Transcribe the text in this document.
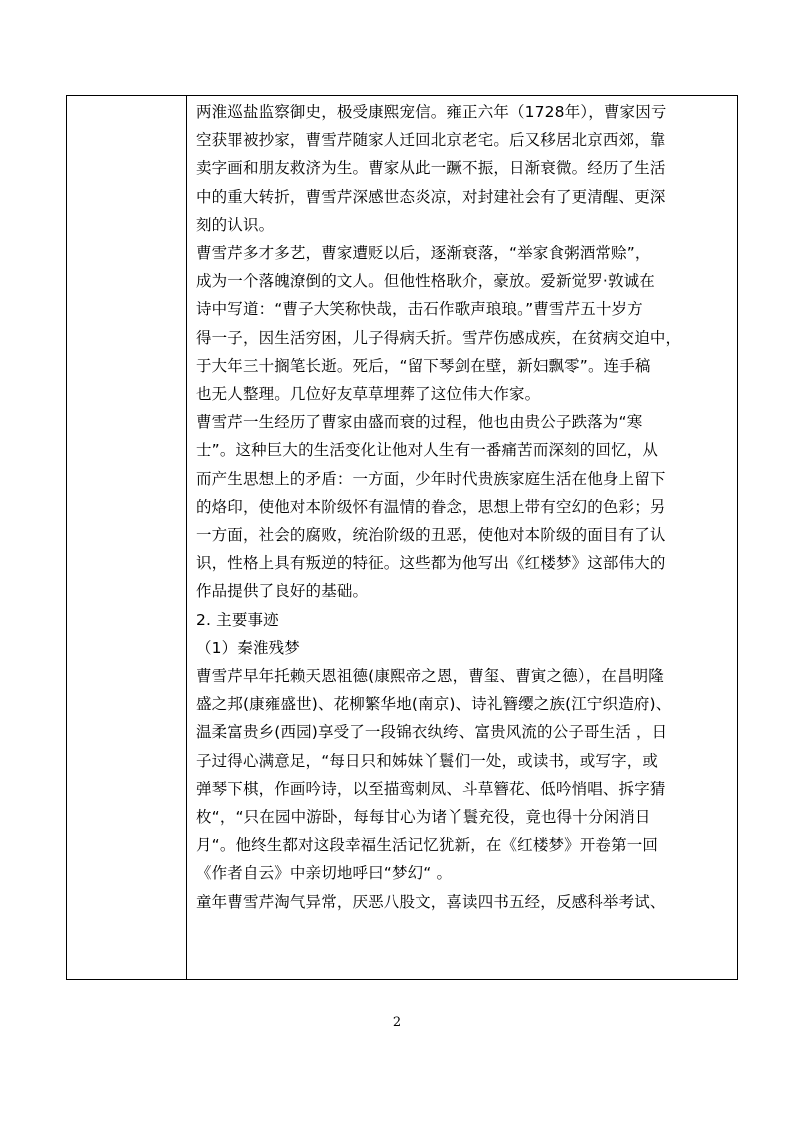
两淮巡盐监察御史，极受康熙宠信。雍正六年（1728年），曹家因亏

空获罪被抄家，曹雪芹随家人迁回北京老宅。后又移居北京西郊，靠

卖字画和朋友救济为生。曹家从此一蹶不振，日渐衰微。经历了生活

中的重大转折，曹雪芹深感世态炎凉，对封建社会有了更清醒、更深

刻的认识。

曹雪芹多才多艺，曹家遭贬以后，逐渐衰落，“举家食粥酒常赊”，

成为一个落魄潦倒的文人。但他性格耿介，豪放。爱新觉罗·敦诚在

诗中写道：“曹子大笑称快哉，击石作歌声琅琅。”曹雪芹五十岁方

得一子，因生活穷困，儿子得病夭折。雪芹伤感成疾，在贫病交迫中，

于大年三十搁笔长逝。死后，“留下琴剑在壁，新妇飘零”。连手稿

也无人整理。几位好友草草埋葬了这位伟大作家。

曹雪芹一生经历了曹家由盛而衰的过程，他也由贵公子跌落为“寒

士”。这种巨大的生活变化让他对人生有一番痛苦而深刻的回忆，从

而产生思想上的矛盾：一方面，少年时代贵族家庭生活在他身上留下

的烙印，使他对本阶级怀有温情的眷念，思想上带有空幻的色彩；另

一方面，社会的腐败，统治阶级的丑恶，使他对本阶级的面目有了认

识，性格上具有叛逆的特征。这些都为他写出《红楼梦》这部伟大的

作品提供了良好的基础。

2. 主要事迹

（1）秦淮残梦

曹雪芹早年托赖天恩祖德(康熙帝之恩，曹玺、曹寅之德），在昌明隆

盛之邦(康雍盛世)、花柳繁华地(南京)、诗礼簪缨之族(江宁织造府)、

温柔富贵乡(西园)享受了一段锦衣纨绔、富贵风流的公子哥生活 ，日

子过得心满意足，“每日只和姊妹丫鬟们一处，或读书，或写字，或

弹琴下棋，作画吟诗，以至描鸾刺凤、斗草簪花、低吟悄唱、拆字猜

枚“，“只在园中游卧，每每甘心为诸丫鬟充役，竟也得十分闲消日

月“。他终生都对这段幸福生活记忆犹新，在《红楼梦》开卷第一回

《作者自云》中亲切地呼曰“梦幻“ 。

童年曹雪芹淘气异常，厌恶八股文，喜读四书五经，反感科举考试、

2
